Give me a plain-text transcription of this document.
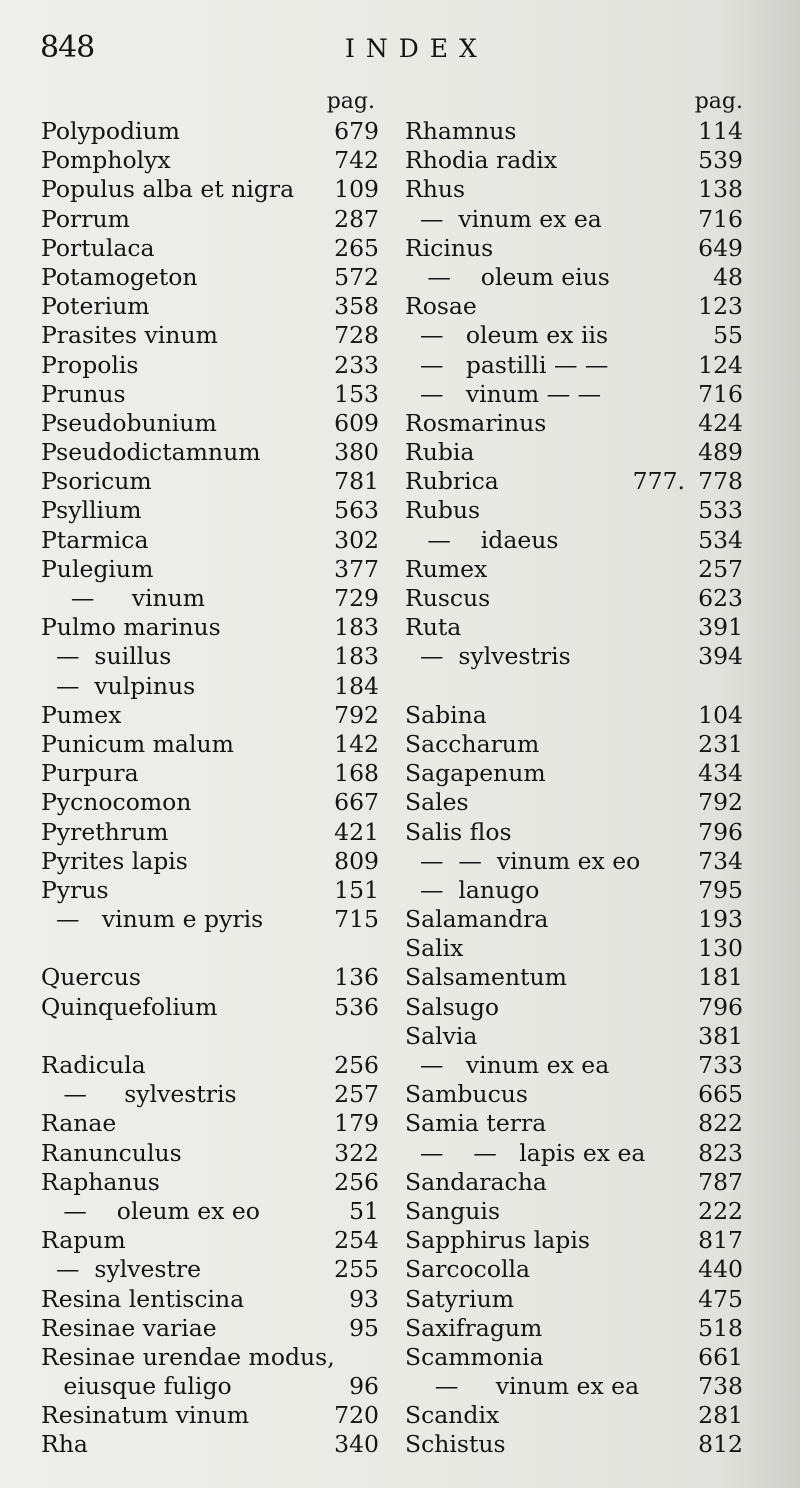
848	INDEX
pag.
Polypodium	679
Pompholyx	742
Populus alba et nigra 109
Porrum	287
Portulaca	265
Potamogeton	572
Poterium	358
Prasites vinum	728
Propolis	233
Prunus	153
Pseudobunium	609
Pseudodictamnum	380
Psoricum	781
Psyllium	563
Ptarmica	302
Pulegium	377
—     vinum	729
Pulmo marinus	183
—  suillus	183
—  vulpinus	184
Pumex	792
Punicum malum	142
Purpura	168
Pycnocomon	667
Pyrethrum	421
Pyrites lapis	809
Pyrus	151
—   vinum e pyris	715
Quercus	136
Quinquefolium	536
Radicula	256
—     sylvestris	257
Ranae	179
Ranunculus	322
Raphanus	256
—    oleum ex eo	51
Rapum	254
—  sylvestre	255
Resina lentiscina	93
Resinae variae	95
Resinae urendae modus,
eiusque fuligo	96
Resinatum vinum	720
Rha	340
pag.
Rhamnus	114
Rhodia radix	539
Rhus	138
—  vinum ex ea	716
Ricinus	649
—    oleum eius	48
Rosae	123
—   oleum ex iis	55
—   pastilli — —	124
—   vinum — —	716
Rosmarinus	424
Rubia	489
Rubrica	777. 778
Rubus	533
—    idaeus	534
Rumex	257
Ruscus	623
Ruta	391
—  sylvestris	394
Sabina	104
Saccharum	231
Sagapenum	434
Sales	792
Salis flos	796
—  —  vinum ex eo 734
—  lanugo	795
Salamandra	193
Salix	130
Salsamentum	181
Salsugo	796
Salvia	381
—   vinum ex ea	733
Sambucus	665
Samia terra	822
—    —   lapis ex ea 823
Sandaracha	787
Sanguis	222
Sapphirus lapis	817
Sarcocolla	440
Satyrium	475
Saxifragum	518
Scammonia	661
—     vinum ex ea	738
Scandix	281
Schistus	812
